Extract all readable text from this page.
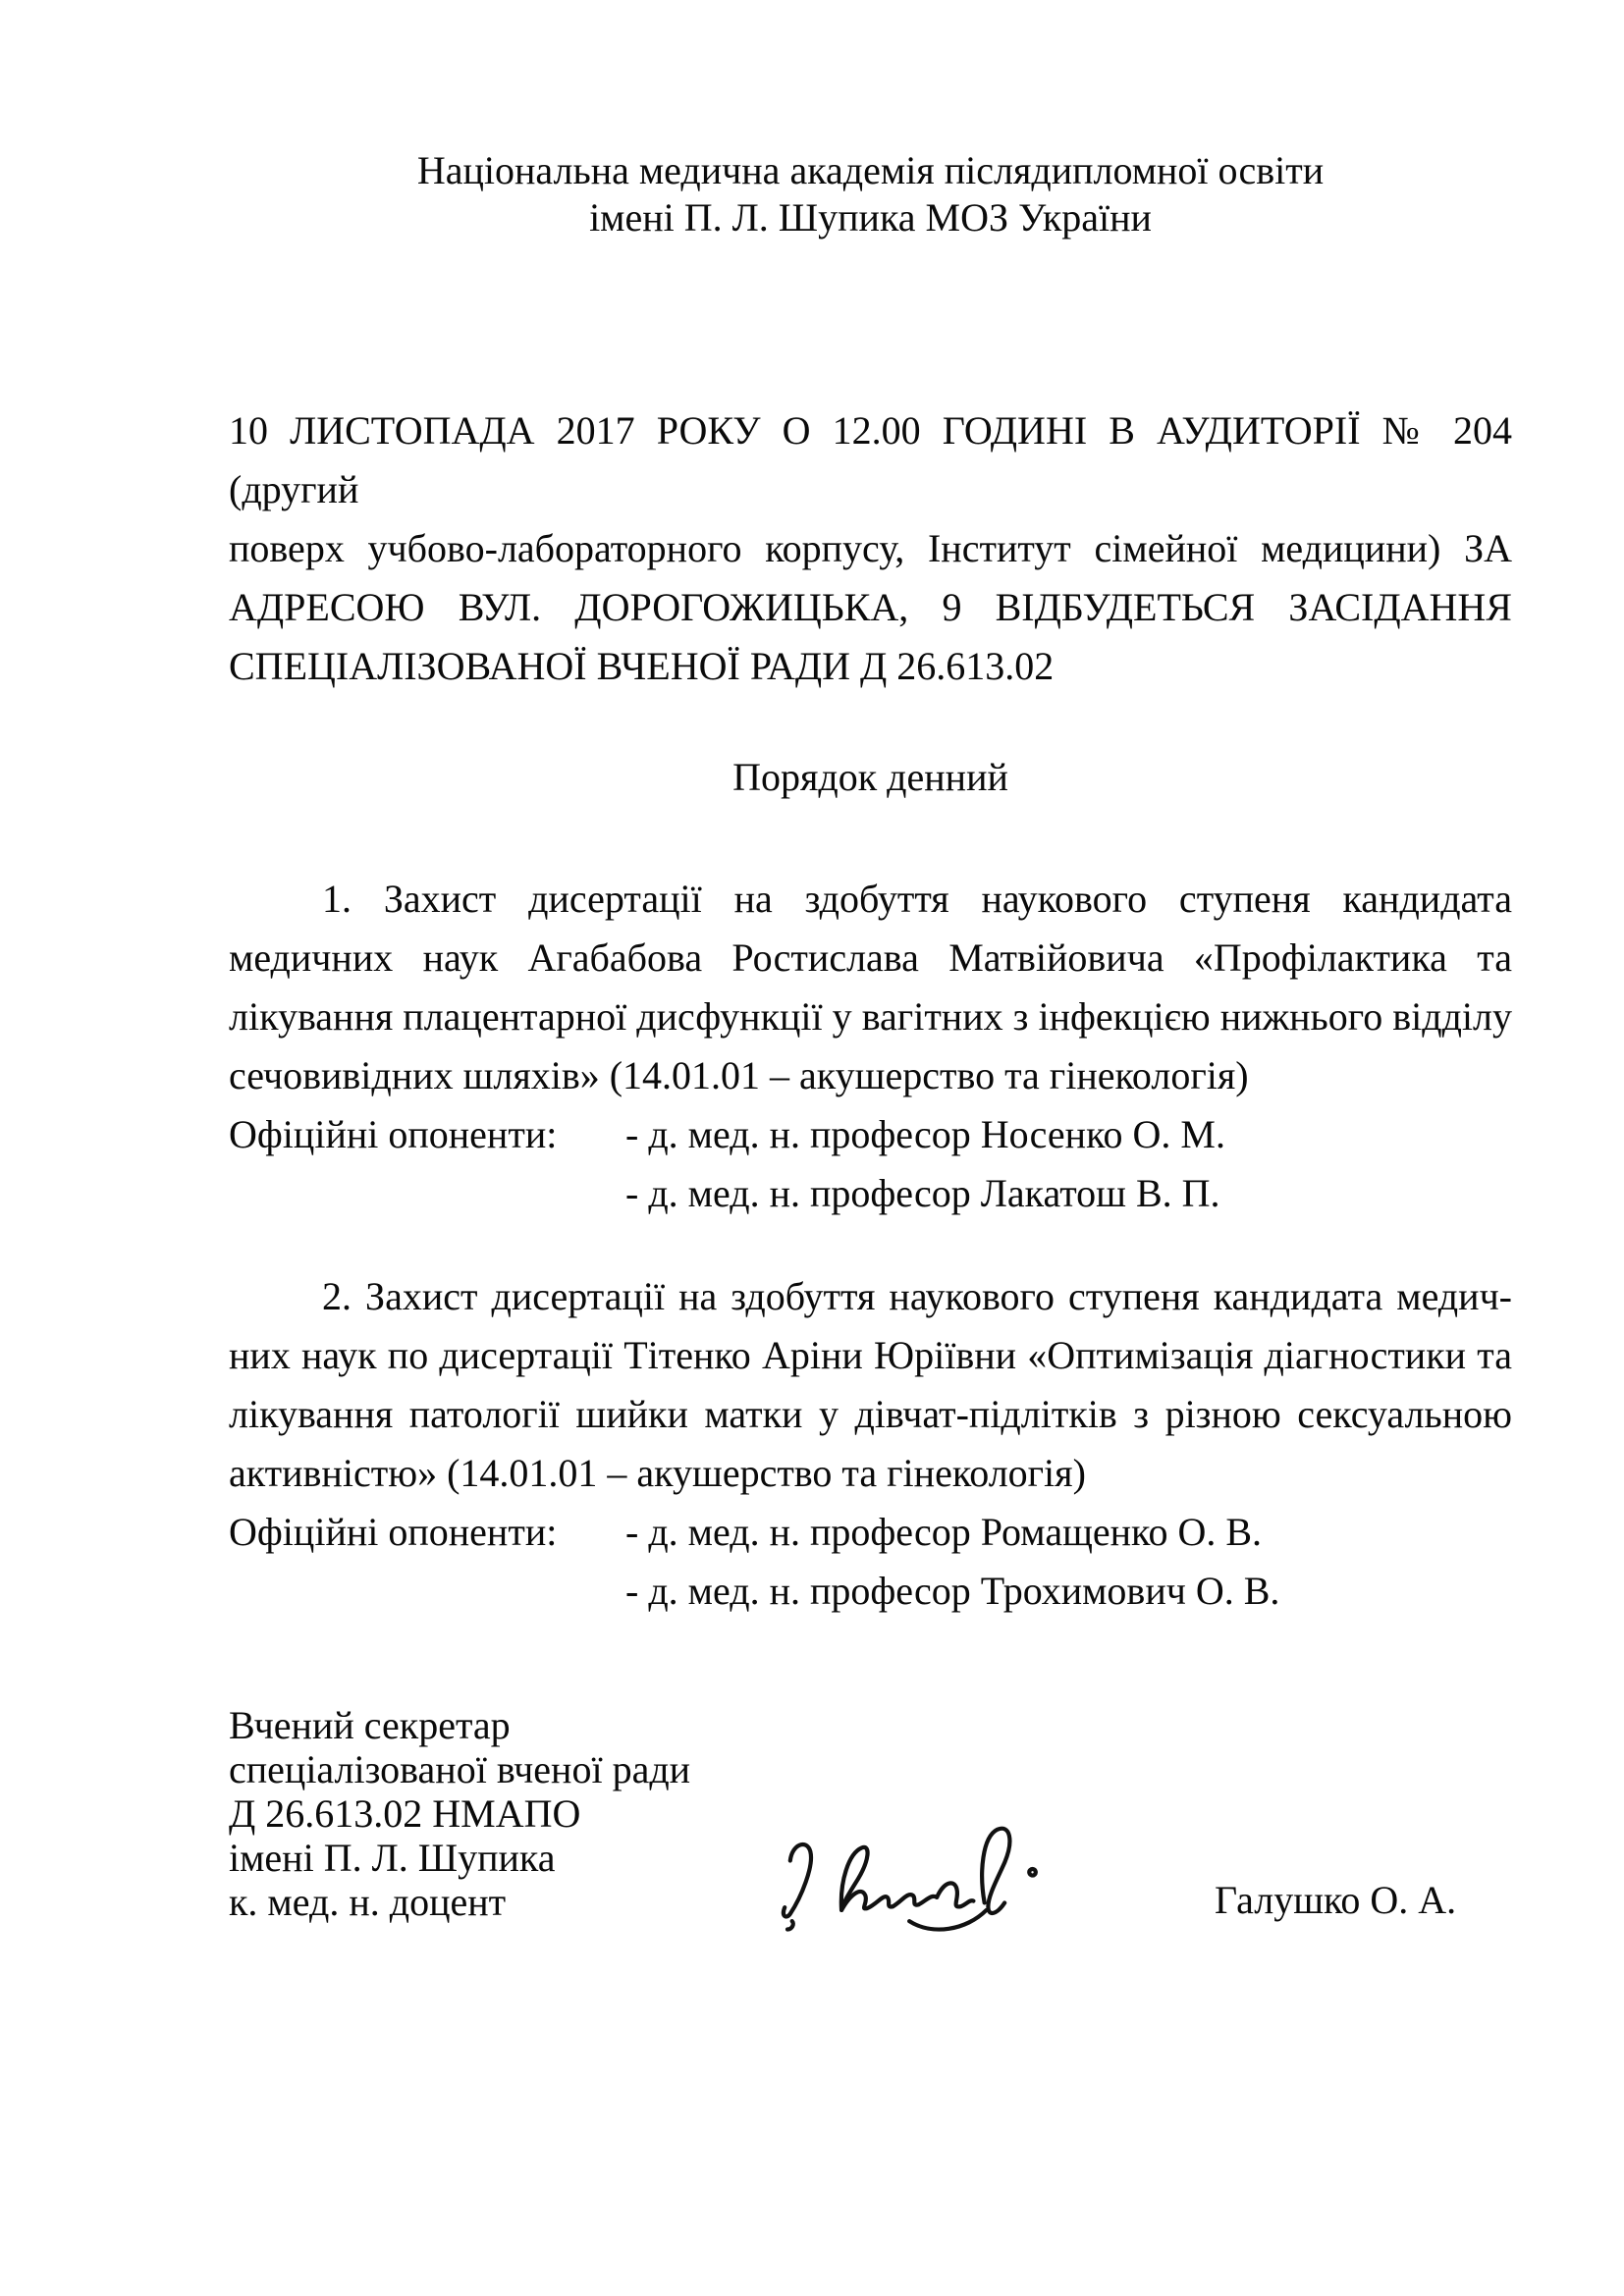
Національна медична академія післядипломної освіти
імені П. Л. Шупика МОЗ України
10 ЛИСТОПАДА 2017 РОКУ О 12.00 ГОДИНІ В АУДИТОРІЇ № 204 (другий
поверх учбово-лабораторного корпусу, Інститут сімейної медицини) ЗА
АДРЕСОЮ ВУЛ. ДОРОГОЖИЦЬКА, 9 ВІДБУДЕТЬСЯ ЗАСІДАННЯ
СПЕЦІАЛІЗОВАНОЇ ВЧЕНОЇ РАДИ Д 26.613.02
Порядок денний
1. Захист дисертації на здобуття наукового ступеня кандидата
медичних наук Агабабова Ростислава Матвійовича «Профілактика та
лікування плацентарної дисфункції у вагітних з інфекцією нижнього відділу
сечовивідних шляхів» (14.01.01 – акушерство та гінекологія)
Офіційні опоненти:	- д. мед. н. професор Носенко О. М.
- д. мед. н. професор Лакатош В. П.
2. Захист дисертації на здобуття наукового ступеня кандидата медич-
них наук по дисертації Тітенко Аріни Юріївни «Оптимізація діагностики та
лікування патології шийки матки у дівчат-підлітків з різною сексуальною
активністю» (14.01.01 – акушерство та гінекологія)
Офіційні опоненти:	- д. мед. н. професор Ромащенко О. В.
- д. мед. н. професор Трохимович О. В.
Вчений секретар
спеціалізованої вченої ради
Д 26.613.02 НМАПО
імені П. Л. Шупика
к. мед. н. доцент	Галушко О. А.
